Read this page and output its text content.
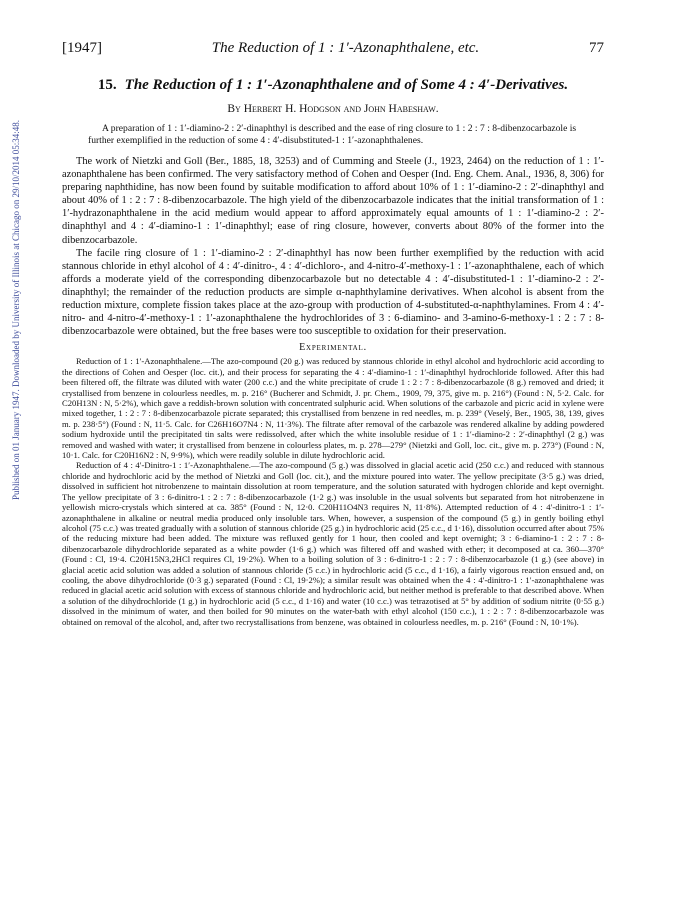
Published on 01 January 1947. Downloaded by University of Illinois at Chicago on 29/10/2014 05:34:48.
[1947]	The Reduction of 1 : 1′-Azonaphthalene, etc.	77
15. The Reduction of 1 : 1′-Azonaphthalene and of Some 4 : 4′-Derivatives.
By Herbert H. Hodgson and John Habeshaw.
A preparation of 1 : 1′-diamino-2 : 2′-dinaphthyl is described and the ease of ring closure to 1 : 2 : 7 : 8-dibenzocarbazole is further exemplified in the reduction of some 4 : 4′-disubstituted-1 : 1′-azonaphthalenes.

The work of Nietzki and Goll (Ber., 1885, 18, 3253) and of Cumming and Steele (J., 1923, 2464) on the reduction of 1 : 1′-azonaphthalene has been confirmed. The very satisfactory method of Cohen and Oesper (Ind. Eng. Chem. Anal., 1936, 8, 306) for preparing naphthidine, has now been found by suitable modification to afford about 10% of 1 : 1′-diamino-2 : 2′-dinaphthyl and about 40% of 1 : 2 : 7 : 8-dibenzocarbazole. The high yield of the dibenzocarbazole indicates that the initial transformation of 1 : 1′-hydrazonaphthalene in the acid medium would appear to afford approximately equal amounts of 1 : 1′-diamino-2 : 2′-dinaphthyl and 4 : 4′-diamino-1 : 1′-dinaphthyl; ease of ring closure, however, converts about 80% of the former into the dibenzocarbazole.

The facile ring closure of 1 : 1′-diamino-2 : 2′-dinaphthyl has now been further exemplified by the reduction with acid stannous chloride in ethyl alcohol of 4 : 4′-dinitro-, 4 : 4′-dichloro-, and 4-nitro-4′-methoxy-1 : 1′-azonaphthalene, each of which affords a moderate yield of the corresponding dibenzocarbazole but no detectable 4 : 4′-disubstituted-1 : 1′-diamino-2 : 2′-dinaphthyl; the remainder of the reduction products are simple α-naphthylamine derivatives. When alcohol is absent from the reduction mixture, complete fission takes place at the azo-group with production of 4-substituted-α-naphthylamines. From 4 : 4′-nitro- and 4-nitro-4′-methoxy-1 : 1′-azonaphthalene the hydrochlorides of 3 : 6-diamino- and 3-amino-6-methoxy-1 : 2 : 7 : 8-dibenzocarbazole were obtained, but the free bases were too susceptible to oxidation for their preservation.

Experimental.

Reduction of 1 : 1′-Azonaphthalene.—The azo-compound (20 g.) was reduced by stannous chloride in ethyl alcohol and hydrochloric acid according to the directions of Cohen and Oesper (loc. cit.), and their process for separating the 4 : 4′-diamino-1 : 1′-dinaphthyl hydrochloride followed. After this had been filtered off, the filtrate was diluted with water (200 c.c.) and the white precipitate of crude 1 : 2 : 7 : 8-dibenzocarbazole (8 g.) removed and dried; it crystallised from benzene in colourless needles, m. p. 216° (Bucherer and Schmidt, J. pr. Chem., 1909, 79, 375, give m. p. 216°) (Found : N, 5·2. Calc. for C20H13N : N, 5·2%), which gave a reddish-brown solution with concentrated sulphuric acid. When solutions of the carbazole and picric acid in xylene were mixed together, 1 : 2 : 7 : 8-dibenzocarbazole picrate separated; this crystallised from benzene in red needles, m. p. 239° (Veselý, Ber., 1905, 38, 139, gives m. p. 238·5°) (Found : N, 11·5. Calc. for C26H16O7N4 : N, 11·3%). The filtrate after removal of the carbazole was rendered alkaline by adding powdered sodium hydroxide until the precipitated tin salts were redissolved, after which the white insoluble residue of 1 : 1′-diamino-2 : 2′-dinaphthyl (2 g.) was removed and washed with water; it crystallised from benzene in colourless plates, m. p. 278—279° (Nietzki and Goll, loc. cit., give m. p. 273°) (Found : N, 10·1. Calc. for C20H16N2 : N, 9·9%), which were readily soluble in dilute hydrochloric acid.

Reduction of 4 : 4′-Dinitro-1 : 1′-Azonaphthalene.—The azo-compound (5 g.) was dissolved in glacial acetic acid (250 c.c.) and reduced with stannous chloride and hydrochloric acid by the method of Nietzki and Goll (loc. cit.), and the mixture poured into water. The yellow precipitate (3·5 g.) was dried, dissolved in sufficient hot nitrobenzene to maintain dissolution at room temperature, and the solution saturated with hydrogen chloride and kept overnight. The yellow precipitate of 3 : 6-dinitro-1 : 2 : 7 : 8-dibenzocarbazole (1·2 g.) was insoluble in the usual solvents but separated from hot nitrobenzene in yellowish micro-crystals which sintered at ca. 385° (Found : N, 12·0. C20H11O4N3 requires N, 11·8%). Attempted reduction of 4 : 4′-dinitro-1 : 1′-azonaphthalene in alkaline or neutral media produced only insoluble tars. When, however, a suspension of the compound (5 g.) in gently boiling ethyl alcohol (75 c.c.) was treated gradually with a solution of stannous chloride (25 g.) in hydrochloric acid (25 c.c., d 1·16), dissolution occurred after about 75% of the reducing mixture had been added. The mixture was refluxed gently for 1 hour, then cooled and kept overnight; 3 : 6-diamino-1 : 2 : 7 : 8-dibenzocarbazole dihydrochloride separated as a white powder (1·6 g.) which was filtered off and washed with ether; it decomposed at ca. 360—370° (Found : Cl, 19·4. C20H15N3,2HCl requires Cl, 19·2%). When to a boiling solution of 3 : 6-dinitro-1 : 2 : 7 : 8-dibenzocarbazole (1 g.) (see above) in glacial acetic acid solution was added a solution of stannous chloride (5 c.c.) in hydrochloric acid (5 c.c., d 1·16), a fairly vigorous reaction ensued and, on cooling, the above dihydrochloride (0·3 g.) separated (Found : Cl, 19·2%); a similar result was obtained when the 4 : 4′-dinitro-1 : 1′-azonaphthalene was reduced in glacial acetic acid solution with excess of stannous chloride and hydrochloric acid, but neither method is preferable to that described above. When a solution of the dihydrochloride (1 g.) in hydrochloric acid (5 c.c., d 1·16) and water (10 c.c.) was tetrazotised at 5° by addition of sodium nitrite (0·55 g.) dissolved in the minimum of water, and then boiled for 90 minutes on the water-bath with ethyl alcohol (150 c.c.), 1 : 2 : 7 : 8-dibenzocarbazole was obtained on removal of the alcohol, and, after two recrystallisations from benzene, was obtained in colourless needles, m. p. 216° (Found : N, 10·1%).
